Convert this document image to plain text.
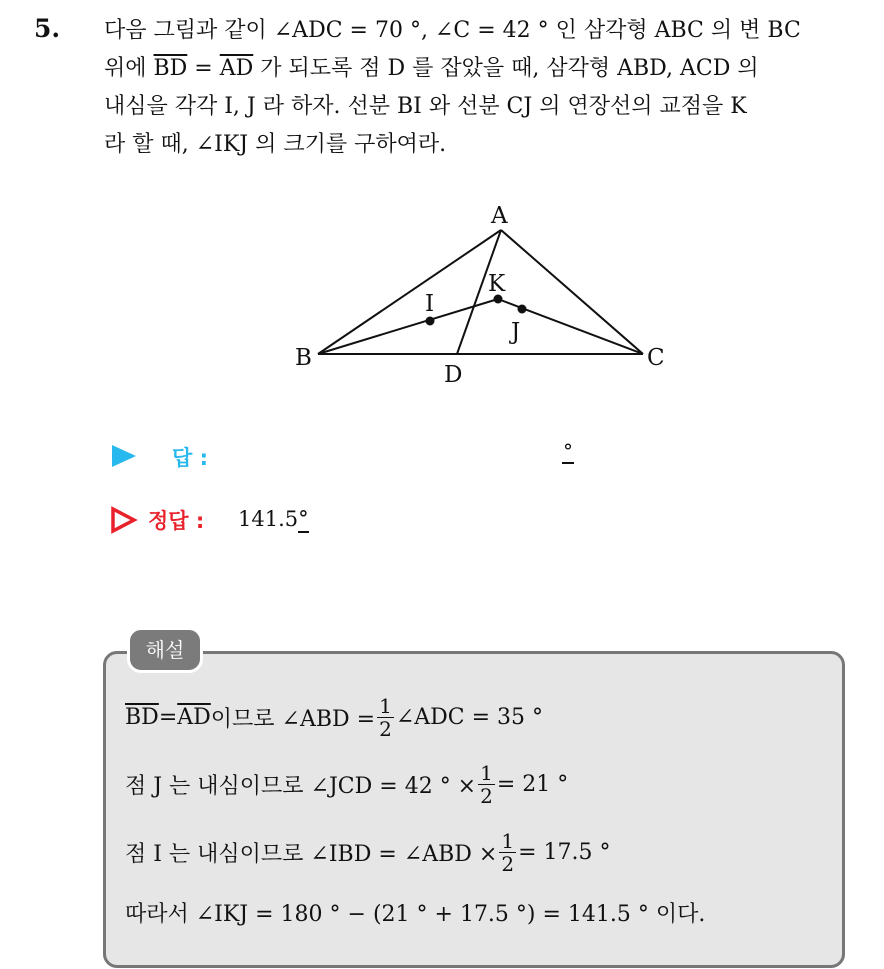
5. 다음 그림과 같이 ∠ADC = 70 °, ∠C = 42 ° 인 삼각형 ABC 의 변 BC
위에 $\overline{BD} = \overline{AD}$ 가 되도록 점 D 를 잡았을 때, 삼각형 ABD, ACD 의
내심을 각각 I, J 라 하자. 선분 BI 와 선분 CJ 의 연장선의 교점을 K
라 할 때, ∠IKJ 의 크기를 구하여라.
A
B	C
D
I
K
J
답 :	°
정답 : 141.5°
해설
$\overline{BD} = \overline{AD}$ 이므로 ∠ABD = $\frac{1}{2}$ ∠ADC = 35 °
점 J 는 내심이므로 ∠JCD = 42 ° × $\frac{1}{2} = 21$ °
점 I 는 내심이므로 ∠IBD = ∠ABD × $\frac{1}{2} = 17.5$ °
따라서 ∠IKJ = 180 ° − (21 ° + 17.5 °) = 141.5 ° 이다.
